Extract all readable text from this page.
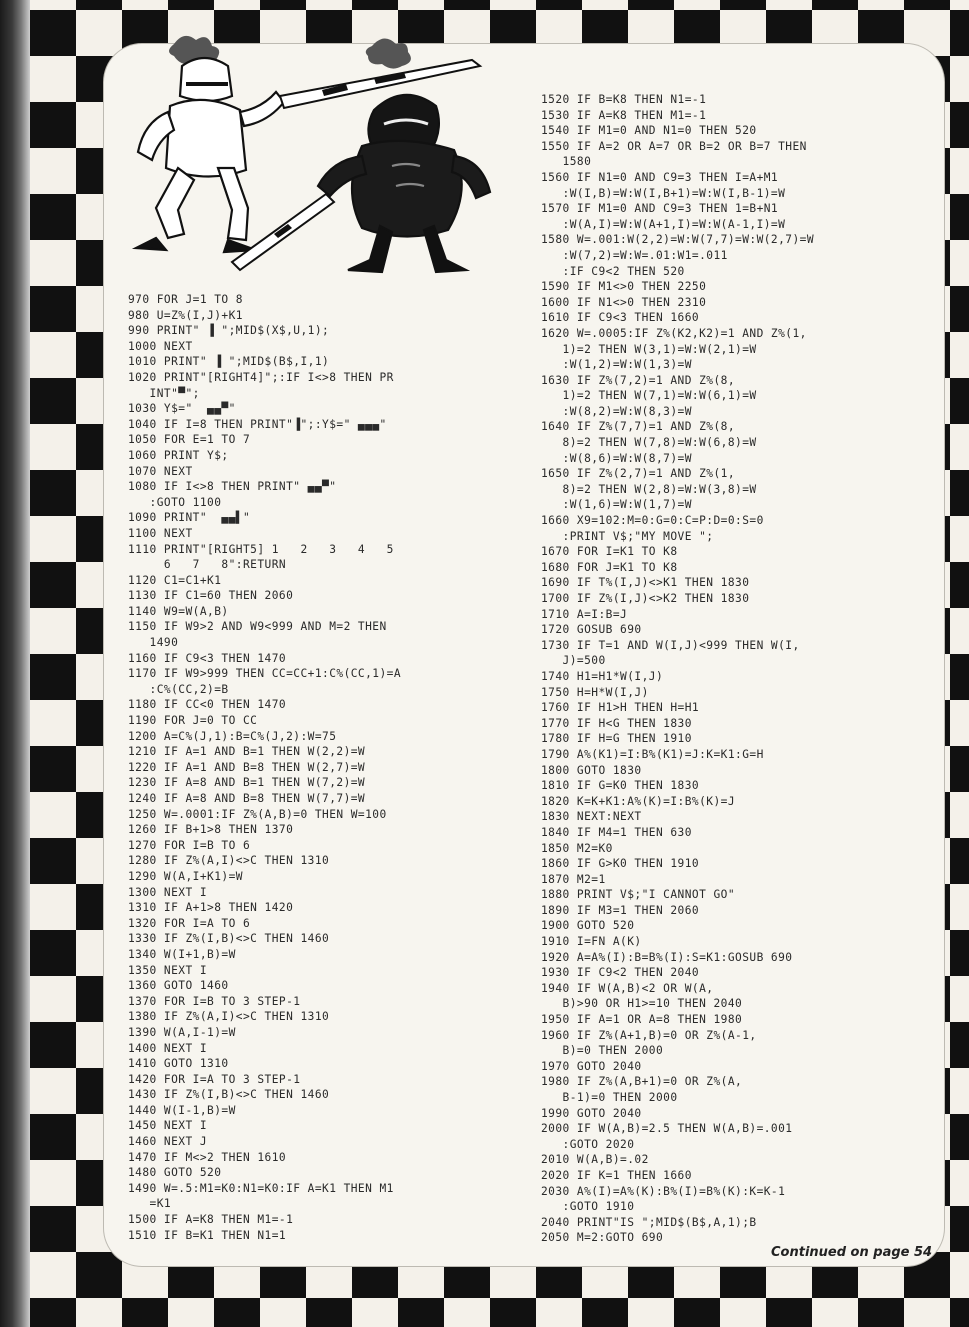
970 FOR J=1 TO 8
980 U=Z%(I,J)+K1
990 PRINT" ▐ ";MID$(X$,U,1);
1000 NEXT
1010 PRINT" ▐ ";MID$(B$,I,1)
1020 PRINT"[RIGHT4]";:IF I<>8 THEN PR
INT"▀";
1030 Y$="  ▄▄▀"
1040 IF I=8 THEN PRINT"▐";:Y$=" ▄▄▄"
1050 FOR E=1 TO 7
1060 PRINT Y$;
1070 NEXT
1080 IF I<>8 THEN PRINT" ▄▄▀"
:GOTO 1100
1090 PRINT"  ▄▄▌"
1100 NEXT
1110 PRINT"[RIGHT5] 1   2   3   4   5
6   7   8":RETURN
1120 C1=C1+K1
1130 IF C1=60 THEN 2060
1140 W9=W(A,B)
1150 IF W9>2 AND W9<999 AND M=2 THEN
1490
1160 IF C9<3 THEN 1470
1170 IF W9>999 THEN CC=CC+1:C%(CC,1)=A
:C%(CC,2)=B
1180 IF CC<0 THEN 1470
1190 FOR J=0 TO CC
1200 A=C%(J,1):B=C%(J,2):W=75
1210 IF A=1 AND B=1 THEN W(2,2)=W
1220 IF A=1 AND B=8 THEN W(2,7)=W
1230 IF A=8 AND B=1 THEN W(7,2)=W
1240 IF A=8 AND B=8 THEN W(7,7)=W
1250 W=.0001:IF Z%(A,B)=0 THEN W=100
1260 IF B+1>8 THEN 1370
1270 FOR I=B TO 6
1280 IF Z%(A,I)<>C THEN 1310
1290 W(A,I+K1)=W
1300 NEXT I
1310 IF A+1>8 THEN 1420
1320 FOR I=A TO 6
1330 IF Z%(I,B)<>C THEN 1460
1340 W(I+1,B)=W
1350 NEXT I
1360 GOTO 1460
1370 FOR I=B TO 3 STEP-1
1380 IF Z%(A,I)<>C THEN 1310
1390 W(A,I-1)=W
1400 NEXT I
1410 GOTO 1310
1420 FOR I=A TO 3 STEP-1
1430 IF Z%(I,B)<>C THEN 1460
1440 W(I-1,B)=W
1450 NEXT I
1460 NEXT J
1470 IF M<>2 THEN 1610
1480 GOTO 520
1490 W=.5:M1=K0:N1=K0:IF A=K1 THEN M1
=K1
1500 IF A=K8 THEN M1=-1
1510 IF B=K1 THEN N1=1
1520 IF B=K8 THEN N1=-1
1530 IF A=K8 THEN M1=-1
1540 IF M1=0 AND N1=0 THEN 520
1550 IF A=2 OR A=7 OR B=2 OR B=7 THEN
1580
1560 IF N1=0 AND C9=3 THEN I=A+M1
:W(I,B)=W:W(I,B+1)=W:W(I,B-1)=W
1570 IF M1=0 AND C9=3 THEN 1=B+N1
:W(A,I)=W:W(A+1,I)=W:W(A-1,I)=W
1580 W=.001:W(2,2)=W:W(7,7)=W:W(2,7)=W
:W(7,2)=W:W=.01:W1=.011
:IF C9<2 THEN 520
1590 IF M1<>0 THEN 2250
1600 IF N1<>0 THEN 2310
1610 IF C9<3 THEN 1660
1620 W=.0005:IF Z%(K2,K2)=1 AND Z%(1,
1)=2 THEN W(3,1)=W:W(2,1)=W
:W(1,2)=W:W(1,3)=W
1630 IF Z%(7,2)=1 AND Z%(8,
1)=2 THEN W(7,1)=W:W(6,1)=W
:W(8,2)=W:W(8,3)=W
1640 IF Z%(7,7)=1 AND Z%(8,
8)=2 THEN W(7,8)=W:W(6,8)=W
:W(8,6)=W:W(8,7)=W
1650 IF Z%(2,7)=1 AND Z%(1,
8)=2 THEN W(2,8)=W:W(3,8)=W
:W(1,6)=W:W(1,7)=W
1660 X9=102:M=0:G=0:C=P:D=0:S=0
:PRINT V$;"MY MOVE ";
1670 FOR I=K1 TO K8
1680 FOR J=K1 TO K8
1690 IF T%(I,J)<>K1 THEN 1830
1700 IF Z%(I,J)<>K2 THEN 1830
1710 A=I:B=J
1720 GOSUB 690
1730 IF T=1 AND W(I,J)<999 THEN W(I,
J)=500
1740 H1=H1*W(I,J)
1750 H=H*W(I,J)
1760 IF H1>H THEN H=H1
1770 IF H<G THEN 1830
1780 IF H=G THEN 1910
1790 A%(K1)=I:B%(K1)=J:K=K1:G=H
1800 GOTO 1830
1810 IF G=K0 THEN 1830
1820 K=K+K1:A%(K)=I:B%(K)=J
1830 NEXT:NEXT
1840 IF M4=1 THEN 630
1850 M2=K0
1860 IF G>K0 THEN 1910
1870 M2=1
1880 PRINT V$;"I CANNOT GO"
1890 IF M3=1 THEN 2060
1900 GOTO 520
1910 I=FN A(K)
1920 A=A%(I):B=B%(I):S=K1:GOSUB 690
1930 IF C9<2 THEN 2040
1940 IF W(A,B)<2 OR W(A,
B)>90 OR H1>=10 THEN 2040
1950 IF A=1 OR A=8 THEN 1980
1960 IF Z%(A+1,B)=0 OR Z%(A-1,
B)=0 THEN 2000
1970 GOTO 2040
1980 IF Z%(A,B+1)=0 OR Z%(A,
B-1)=0 THEN 2000
1990 GOTO 2040
2000 IF W(A,B)=2.5 THEN W(A,B)=.001
:GOTO 2020
2010 W(A,B)=.02
2020 IF K=1 THEN 1660
2030 A%(I)=A%(K):B%(I)=B%(K):K=K-1
:GOTO 1910
2040 PRINT"IS ";MID$(B$,A,1);B
2050 M=2:GOTO 690
Continued on page 54
